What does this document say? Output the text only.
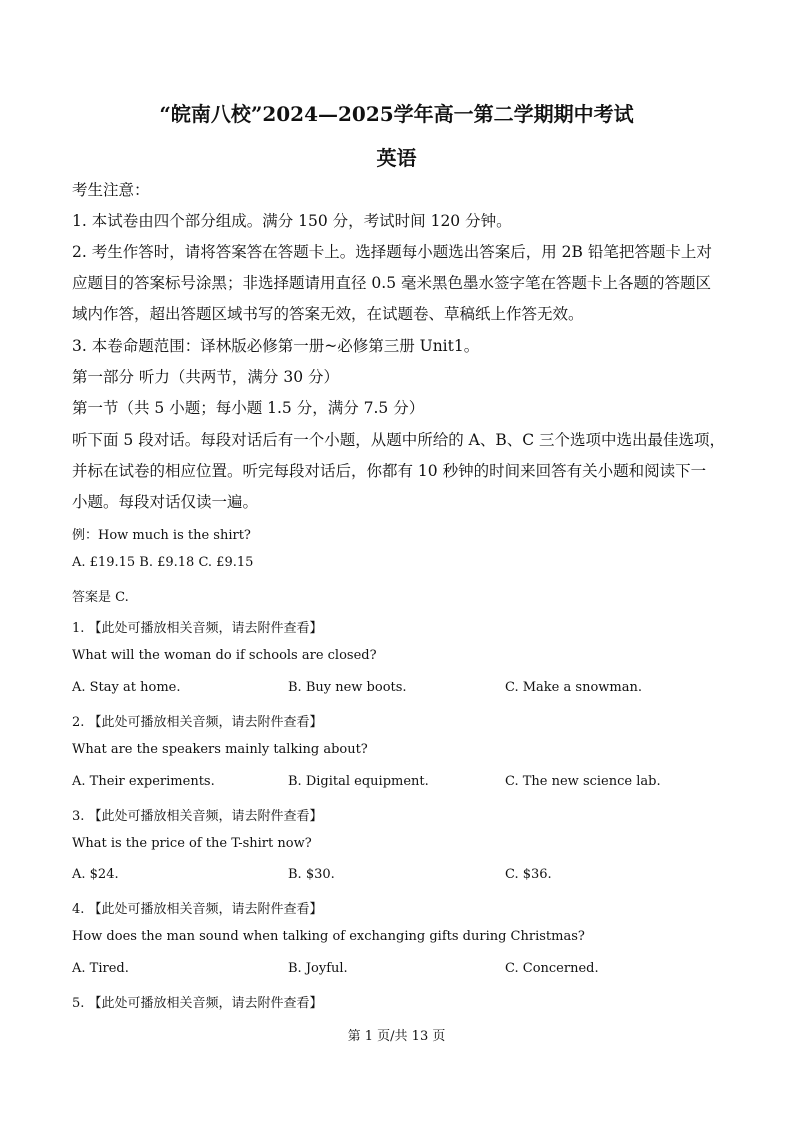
“皖南八校”2024—2025学年高一第二学期期中考试
英语
考生注意：
1. 本试卷由四个部分组成。满分 150 分，考试时间 120 分钟。
2. 考生作答时，请将答案答在答题卡上。选择题每小题选出答案后，用 2B 铅笔把答题卡上对
应题目的答案标号涂黑；非选择题请用直径 0.5 毫米黑色墨水签字笔在答题卡上各题的答题区
域内作答，超出答题区域书写的答案无效，在试题卷、草稿纸上作答无效。
3. 本卷命题范围：译林版必修第一册~必修第三册 Unit1。
第一部分 听力（共两节，满分 30 分）
第一节（共 5 小题；每小题 1.5 分，满分 7.5 分）
听下面 5 段对话。每段对话后有一个小题，从题中所给的 A、B、C 三个选项中选出最佳选项，
并标在试卷的相应位置。听完每段对话后，你都有 10 秒钟的时间来回答有关小题和阅读下一
小题。每段对话仅读一遍。
例：How much is the shirt?
A. £19.15 B. £9.18 C. £9.15
答案是 C.
1. 【此处可播放相关音频，请去附件查看】
What will the woman do if schools are closed?
A. Stay at home.	B. Buy new boots.	C. Make a snowman.
2. 【此处可播放相关音频，请去附件查看】
What are the speakers mainly talking about?
A. Their experiments.	B. Digital equipment.	C. The new science lab.
3. 【此处可播放相关音频，请去附件查看】
What is the price of the T-shirt now?
A. $24.	B. $30.	C. $36.
4. 【此处可播放相关音频，请去附件查看】
How does the man sound when talking of exchanging gifts during Christmas?
A. Tired.	B. Joyful.	C. Concerned.
5. 【此处可播放相关音频，请去附件查看】
第 1 页/共 13 页
